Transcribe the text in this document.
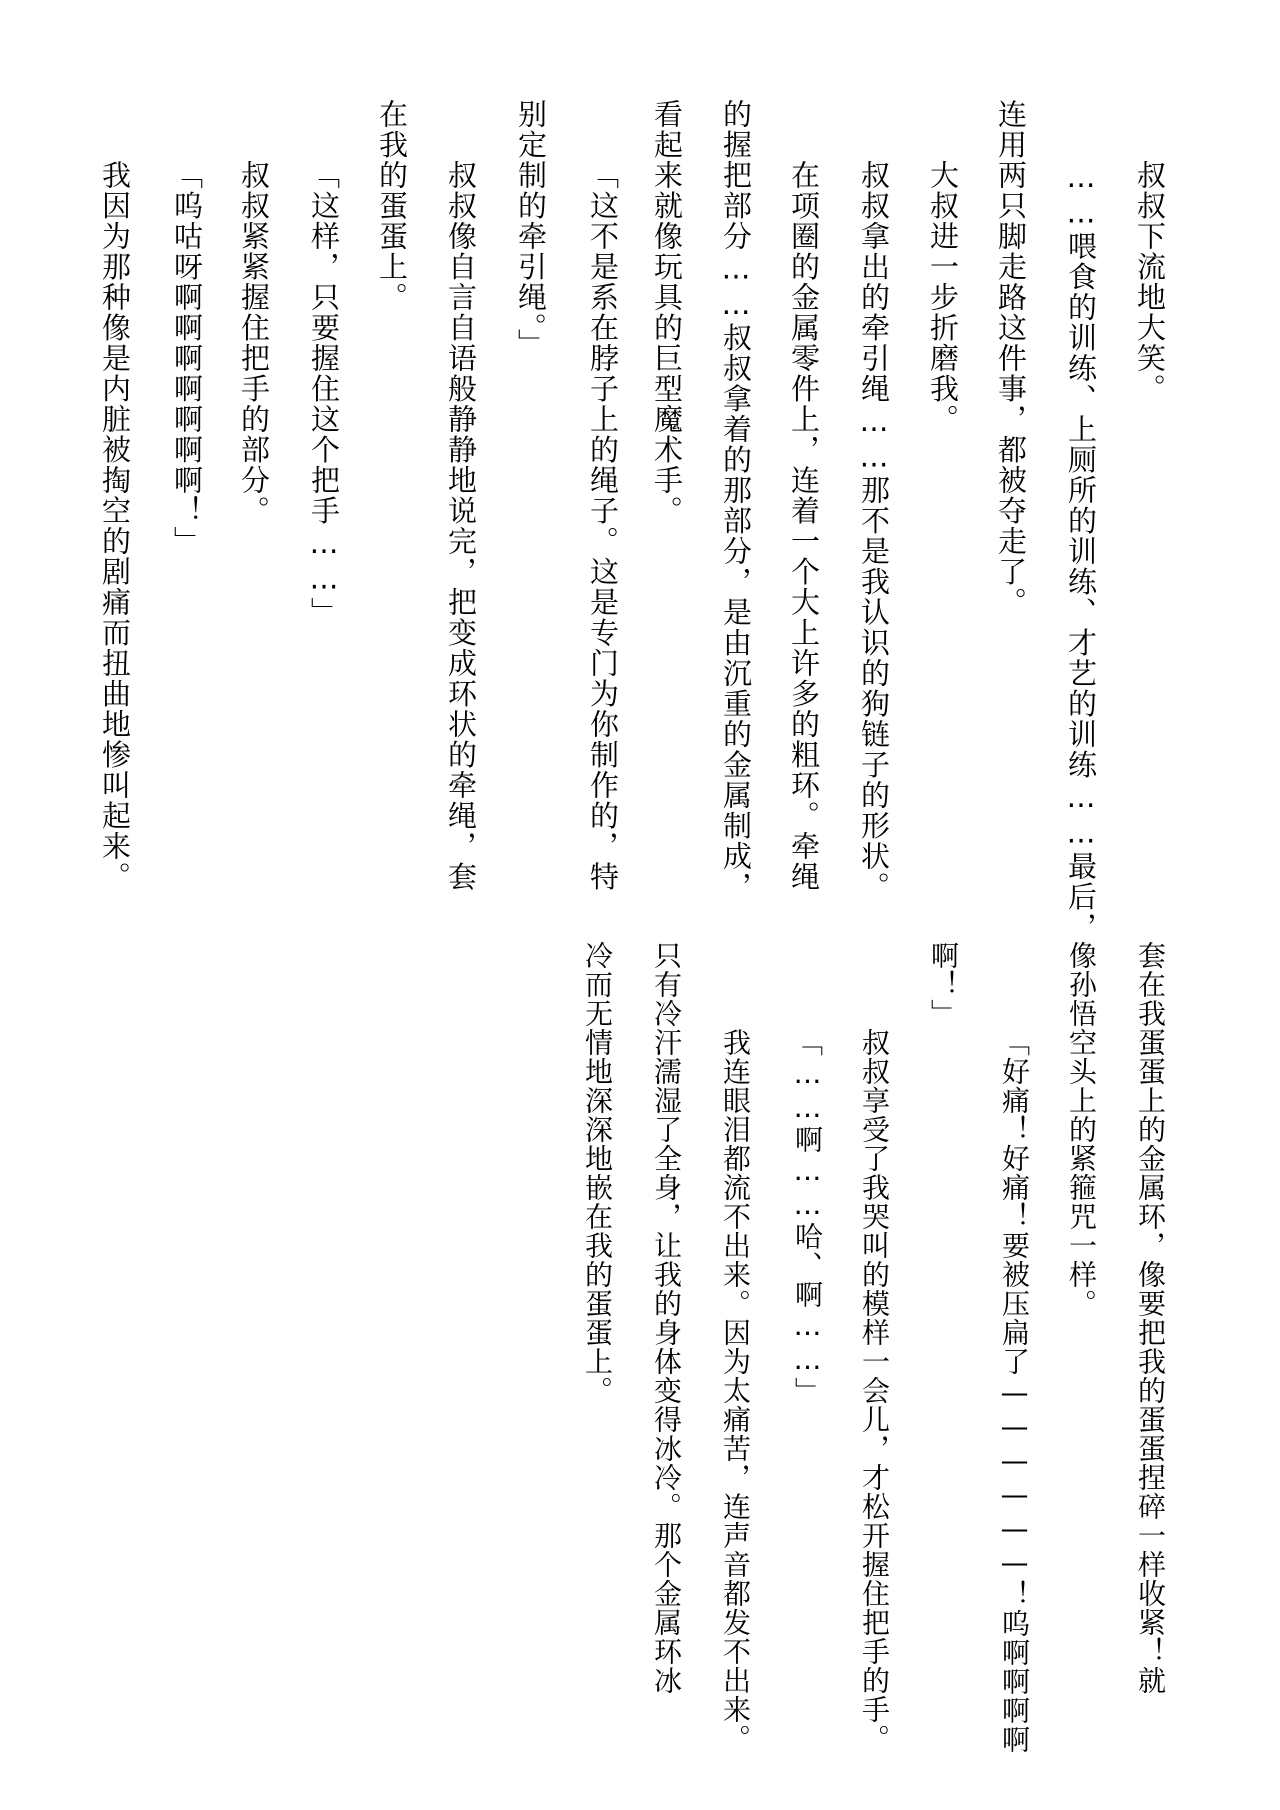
叔叔下流地大笑。
……喂食的训练、上厕所的训练、才艺的训练……最后，
连用两只脚走路这件事，都被夺走了。
大叔进一步折磨我。
叔叔拿出的牵引绳……那不是我认识的狗链子的形状。
在项圈的金属零件上，连着一个大上许多的粗环。牵绳
的握把部分……叔叔拿着的那部分，是由沉重的金属制成，
看起来就像玩具的巨型魔术手。
「这不是系在脖子上的绳子。这是专门为你制作的，特
别定制的牵引绳。」
叔叔像自言自语般静静地说完，把变成环状的牵绳，套
在我的蛋蛋上。
「这样，只要握住这个把手……」
叔叔紧紧握住把手的部分。
「呜咕呀啊啊啊啊啊啊啊！」
我因为那种像是内脏被掏空的剧痛而扭曲地惨叫起来。
套在我蛋蛋上的金属环，像要把我的蛋蛋捏碎一样收紧！就
像孙悟空头上的紧箍咒一样。
「好痛！好痛！要被压扁了——————！呜啊啊啊啊
啊！」
叔叔享受了我哭叫的模样一会儿，才松开握住把手的手。
「……啊……哈、啊……」
我连眼泪都流不出来。因为太痛苦，连声音都发不出来。
只有冷汗濡湿了全身，让我的身体变得冰冷。那个金属环冰
冷而无情地深深地嵌在我的蛋蛋上。
